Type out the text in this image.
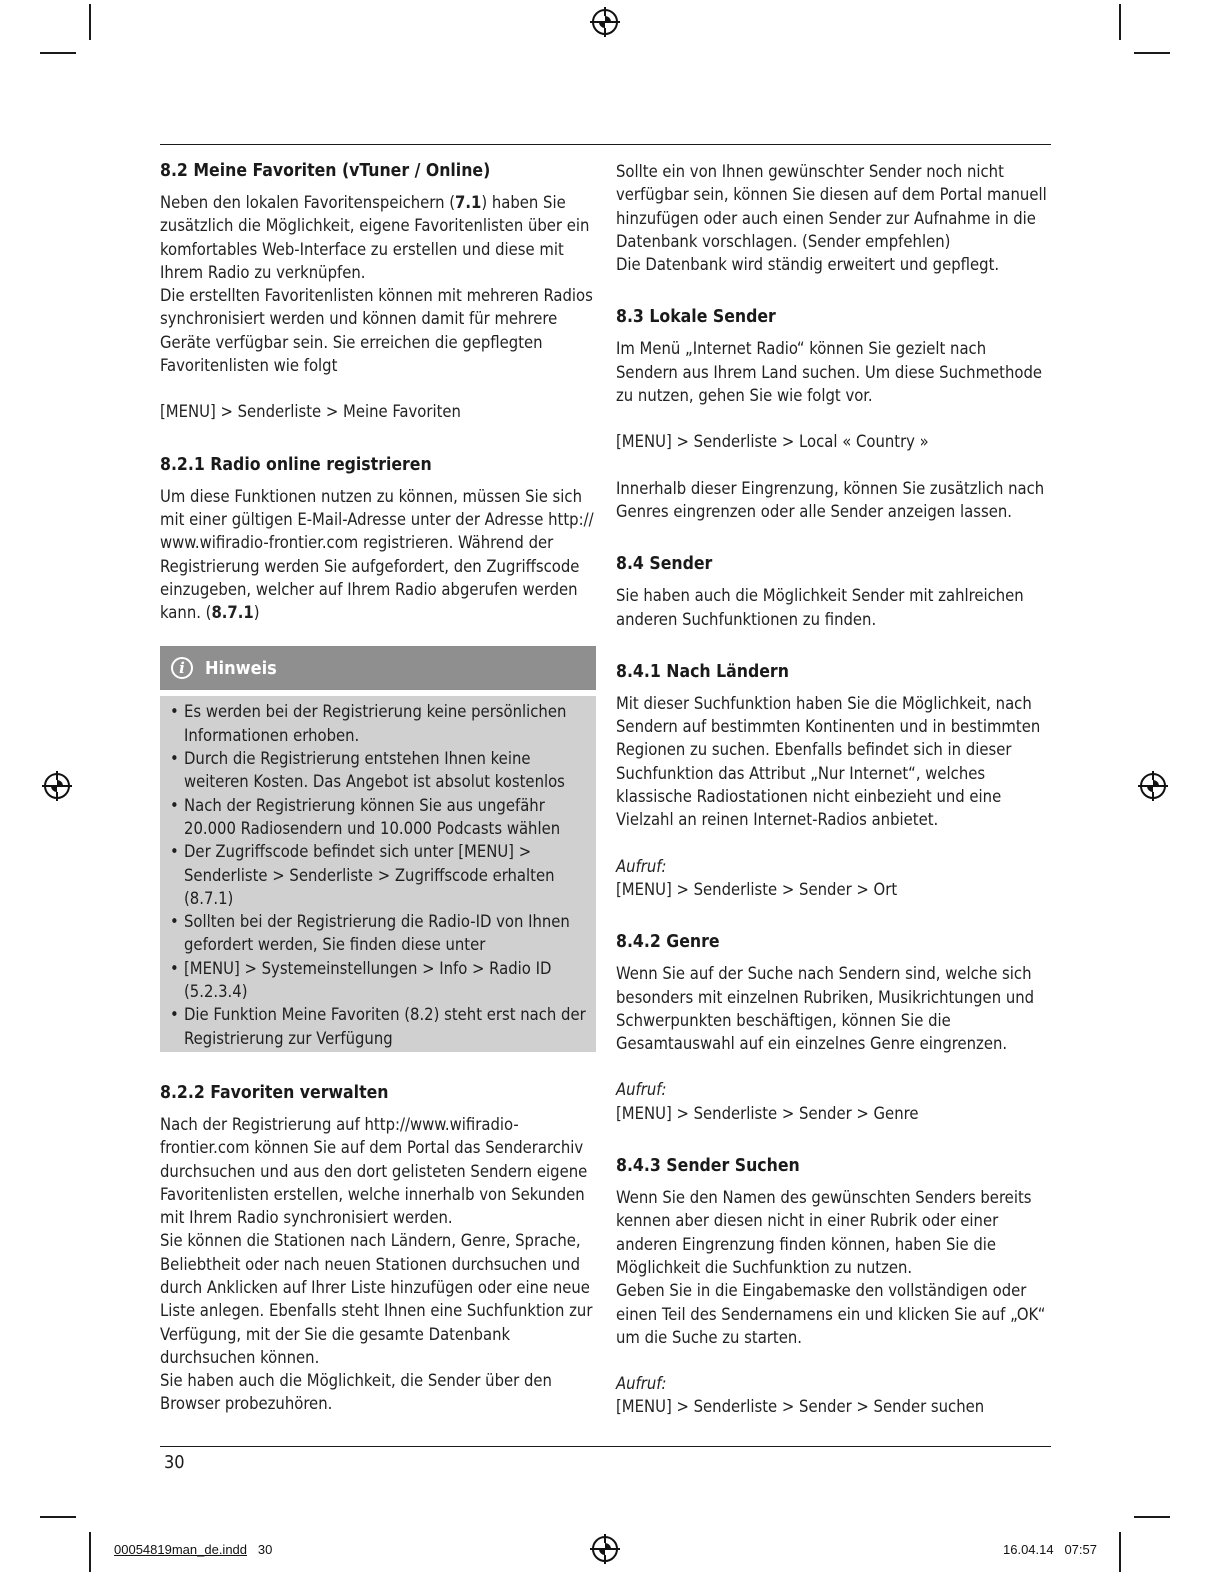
8.2 Meine Favoriten (vTuner / Online)

Neben den lokalen Favoritenspeichern (7.1) haben Sie zusätzlich die Möglichkeit, eigene Favoritenlisten über ein komfortables Web-Interface zu erstellen und diese mit Ihrem Radio zu verknüpfen.

Die erstellten Favoritenlisten können mit mehreren Radios synchronisiert werden und können damit für mehrere Geräte verfügbar sein. Sie erreichen die gepflegten Favoritenlisten wie folgt

[MENU] > Senderliste > Meine Favoriten

8.2.1 Radio online registrieren

Um diese Funktionen nutzen zu können, müssen Sie sich mit einer gültigen E-Mail-Adresse unter der Adresse http:// www.wifiradio-frontier.com registrieren. Während der Registrierung werden Sie aufgefordert, den Zugriffscode einzugeben, welcher auf Ihrem Radio abgerufen werden kann. (8.7.1)

i	Hinweis
• Es werden bei der Registrierung keine persönlichen Informationen erhoben.
• Durch die Registrierung entstehen Ihnen keine weiteren Kosten. Das Angebot ist absolut kostenlos
• Nach der Registrierung können Sie aus ungefähr 20.000 Radiosendern und 10.000 Podcasts wählen
• Der Zugriffscode befindet sich unter [MENU] > Senderliste > Senderliste > Zugriffscode erhalten (8.7.1)
• Sollten bei der Registrierung die Radio-ID von Ihnen gefordert werden, Sie finden diese unter
• [MENU] > Systemeinstellungen > Info > Radio ID (5.2.3.4)
• Die Funktion Meine Favoriten (8.2) steht erst nach der Registrierung zur Verfügung
8.2.2 Favoriten verwalten

Nach der Registrierung auf http://www.wifiradio-frontier.com können Sie auf dem Portal das Senderarchiv durchsuchen und aus den dort gelisteten Sendern eigene Favoritenlisten erstellen, welche innerhalb von Sekunden mit Ihrem Radio synchronisiert werden.

Sie können die Stationen nach Ländern, Genre, Sprache, Beliebtheit oder nach neuen Stationen durchsuchen und durch Anklicken auf Ihrer Liste hinzufügen oder eine neue Liste anlegen. Ebenfalls steht Ihnen eine Suchfunktion zur Verfügung, mit der Sie die gesamte Datenbank durchsuchen können.

Sie haben auch die Möglichkeit, die Sender über den Browser probezuhören.

Sollte ein von Ihnen gewünschter Sender noch nicht verfügbar sein, können Sie diesen auf dem Portal manuell hinzufügen oder auch einen Sender zur Aufnahme in die Datenbank vorschlagen. (Sender empfehlen)

Die Datenbank wird ständig erweitert und gepflegt.

8.3 Lokale Sender

Im Menü „Internet Radio“ können Sie gezielt nach Sendern aus Ihrem Land suchen. Um diese Suchmethode zu nutzen, gehen Sie wie folgt vor.

[MENU] > Senderliste > Local « Country »

Innerhalb dieser Eingrenzung, können Sie zusätzlich nach Genres eingrenzen oder alle Sender anzeigen lassen.

8.4 Sender

Sie haben auch die Möglichkeit Sender mit zahlreichen anderen Suchfunktionen zu finden.

8.4.1 Nach Ländern

Mit dieser Suchfunktion haben Sie die Möglichkeit, nach Sendern auf bestimmten Kontinenten und in bestimmten Regionen zu suchen. Ebenfalls befindet sich in dieser Suchfunktion das Attribut „Nur Internet“, welches klassische Radiostationen nicht einbezieht und eine Vielzahl an reinen Internet-Radios anbietet.

Aufruf:

[MENU] > Senderliste > Sender > Ort

8.4.2 Genre

Wenn Sie auf der Suche nach Sendern sind, welche sich besonders mit einzelnen Rubriken, Musikrichtungen und Schwerpunkten beschäftigen, können Sie die Gesamtauswahl auf ein einzelnes Genre eingrenzen.

Aufruf:

[MENU] > Senderliste > Sender > Genre

8.4.3 Sender Suchen

Wenn Sie den Namen des gewünschten Senders bereits kennen aber diesen nicht in einer Rubrik oder einer anderen Eingrenzung finden können, haben Sie die Möglichkeit die Suchfunktion zu nutzen.

Geben Sie in die Eingabemaske den vollständigen oder einen Teil des Sendernamens ein und klicken Sie auf „OK“ um die Suche zu starten.

Aufruf:

[MENU] > Senderliste > Sender > Sender suchen

30
00054819man_de.indd 30	16.04.14 07:57
